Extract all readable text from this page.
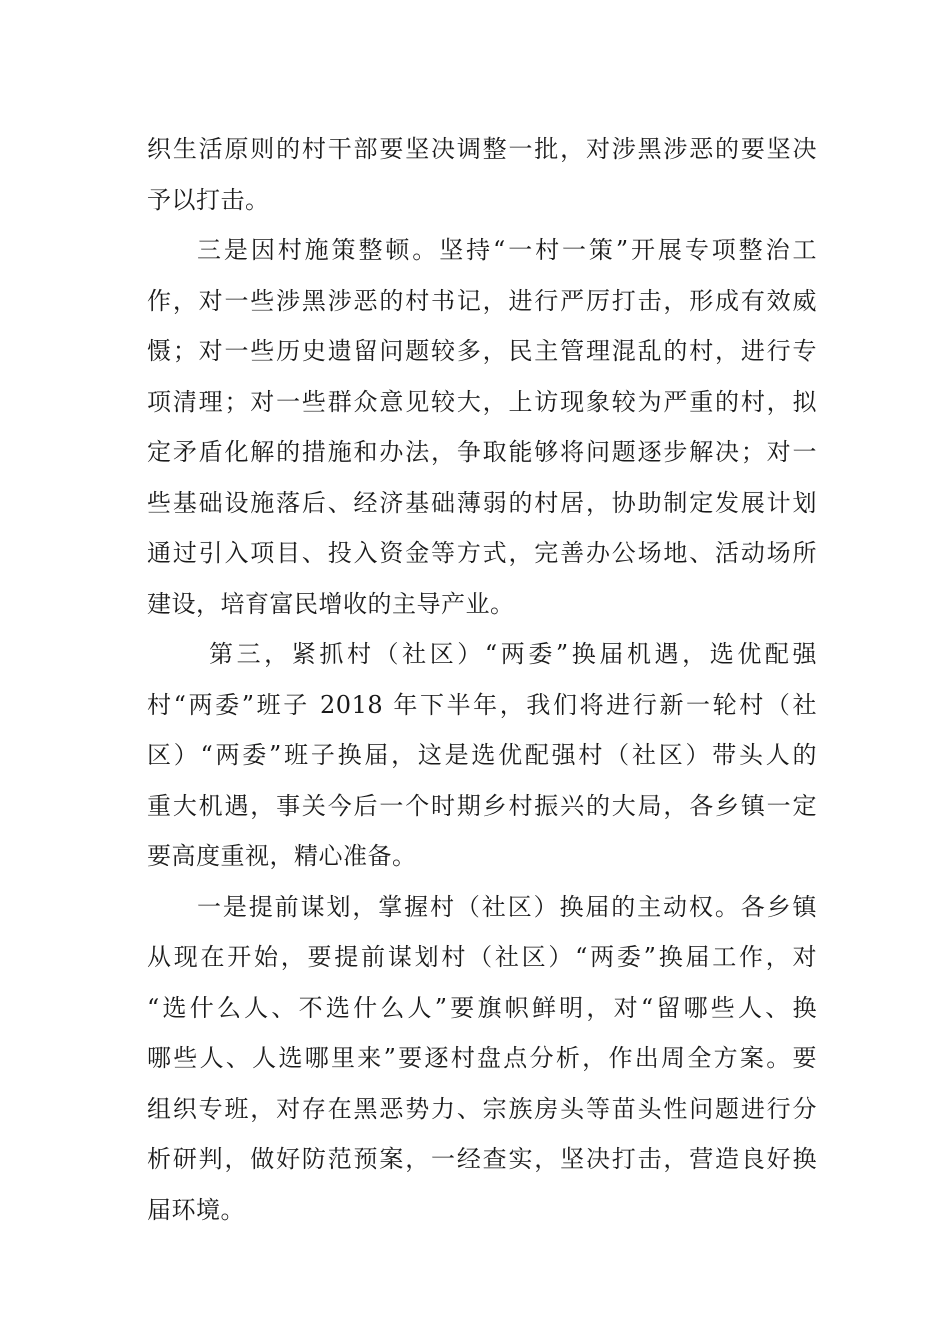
织生活原则的村干部要坚决调整一批，对涉黑涉恶的要坚决
予以打击。
三是因村施策整顿。坚持“一村一策”开展专项整治工
作，对一些涉黑涉恶的村书记，进行严厉打击，形成有效威
慑；对一些历史遗留问题较多，民主管理混乱的村，进行专
项清理；对一些群众意见较大，上访现象较为严重的村，拟
定矛盾化解的措施和办法，争取能够将问题逐步解决；对一
些基础设施落后、经济基础薄弱的村居，协助制定发展计划
通过引入项目、投入资金等方式，完善办公场地、活动场所
建设，培育富民增收的主导产业。
第三，紧抓村（社区）“两委”换届机遇，选优配强
村“两委”班子 2018 年下半年，我们将进行新一轮村（社
区）“两委”班子换届，这是选优配强村（社区）带头人的
重大机遇，事关今后一个时期乡村振兴的大局，各乡镇一定
要高度重视，精心准备。
一是提前谋划，掌握村（社区）换届的主动权。各乡镇
从现在开始，要提前谋划村（社区）“两委”换届工作，对
“选什么人、不选什么人”要旗帜鲜明，对“留哪些人、换
哪些人、人选哪里来”要逐村盘点分析，作出周全方案。要
组织专班，对存在黑恶势力、宗族房头等苗头性问题进行分
析研判，做好防范预案，一经查实，坚决打击，营造良好换
届环境。
